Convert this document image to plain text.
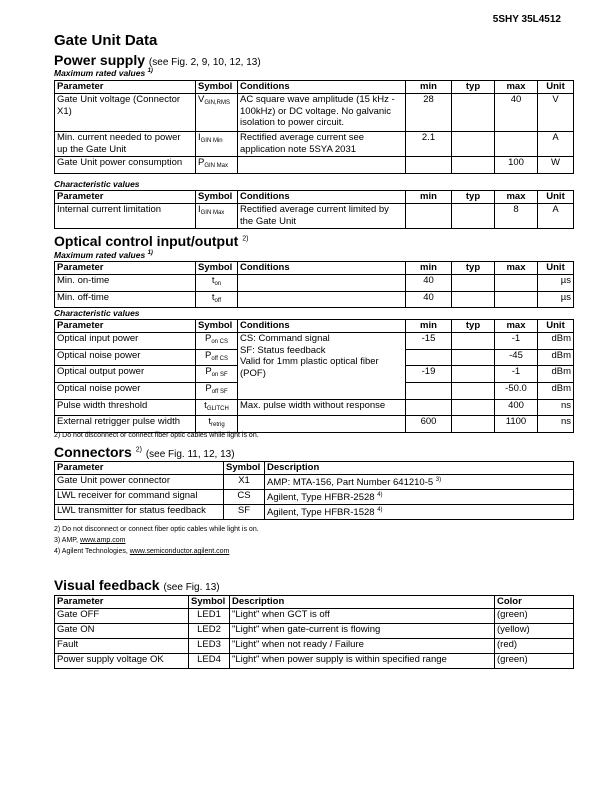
5SHY 35L4512
Gate Unit Data
Power supply (see Fig. 2, 9, 10, 12, 13)
Maximum rated values $^{1)}$
Parameter	Symbol	Conditions	min	typ	max	Unit
Gate Unit voltage (Connector X1)	$V_{GIN,RMS}$	AC square wave amplitude (15 kHz - 100kHz) or DC voltage. No galvanic isolation to power circuit.	28		40	V
Min. current needed to power up the Gate Unit	$I_{GIN Min}$	Rectified average current see application note 5SYA 2031	2.1			A
Gate Unit power consumption	$P_{GIN Max}$				100	W
Characteristic values
Parameter	Symbol	Conditions	min	typ	max	Unit
Internal current limitation	$I_{GIN Max}$	Rectified average current limited by the Gate Unit			8	A
Optical control input/output $^{2)}$
Maximum rated values $^{1)}$
Parameter	Symbol	Conditions	min	typ	max	Unit
Min. on-time	$t_{on}$		40			µs
Min. off-time	$t_{off}$		40			µs
Characteristic values
Parameter	Symbol	Conditions	min	typ	max	Unit
Optical input power	$P_{on CS}$	CS: Command signal
SF: Status feedback
Valid for 1mm plastic optical fiber (POF)	-15		-1	dBm
Optical noise power	$P_{off CS}$				-45	dBm
Optical output power	$P_{on SF}$		-19		-1	dBm
Optical noise power	$P_{off SF}$				-50.0	dBm
Pulse width threshold	$t_{GLITCH}$	Max. pulse width without response			400	ns
External retrigger pulse width	$t_{retrig}$		600		1100	ns
2) Do not disconnect or connect fiber optic cables while light is on.
Connectors $^{2)}$ (see Fig. 11, 12, 13)
Parameter	Symbol	Description
Gate Unit power connector	X1	AMP: MTA-156, Part Number 641210-5 $^{3)}$
LWL receiver for command signal	CS	Agilent, Type HFBR-2528 $^{4)}$
LWL transmitter for status feedback	SF	Agilent, Type HFBR-1528 $^{4)}$
2) Do not disconnect or connect fiber optic cables while light is on.
3) AMP, www.amp.com
4) Agilent Technologies, www.semiconductor.agilent.com
Visual feedback (see Fig. 13)
Parameter	Symbol	Description	Color
Gate OFF	LED1	"Light" when GCT is off	(green)
Gate ON	LED2	"Light" when gate-current is flowing	(yellow)
Fault	LED3	"Light" when not ready / Failure	(red)
Power supply voltage OK	LED4	"Light" when power supply is within specified range	(green)
